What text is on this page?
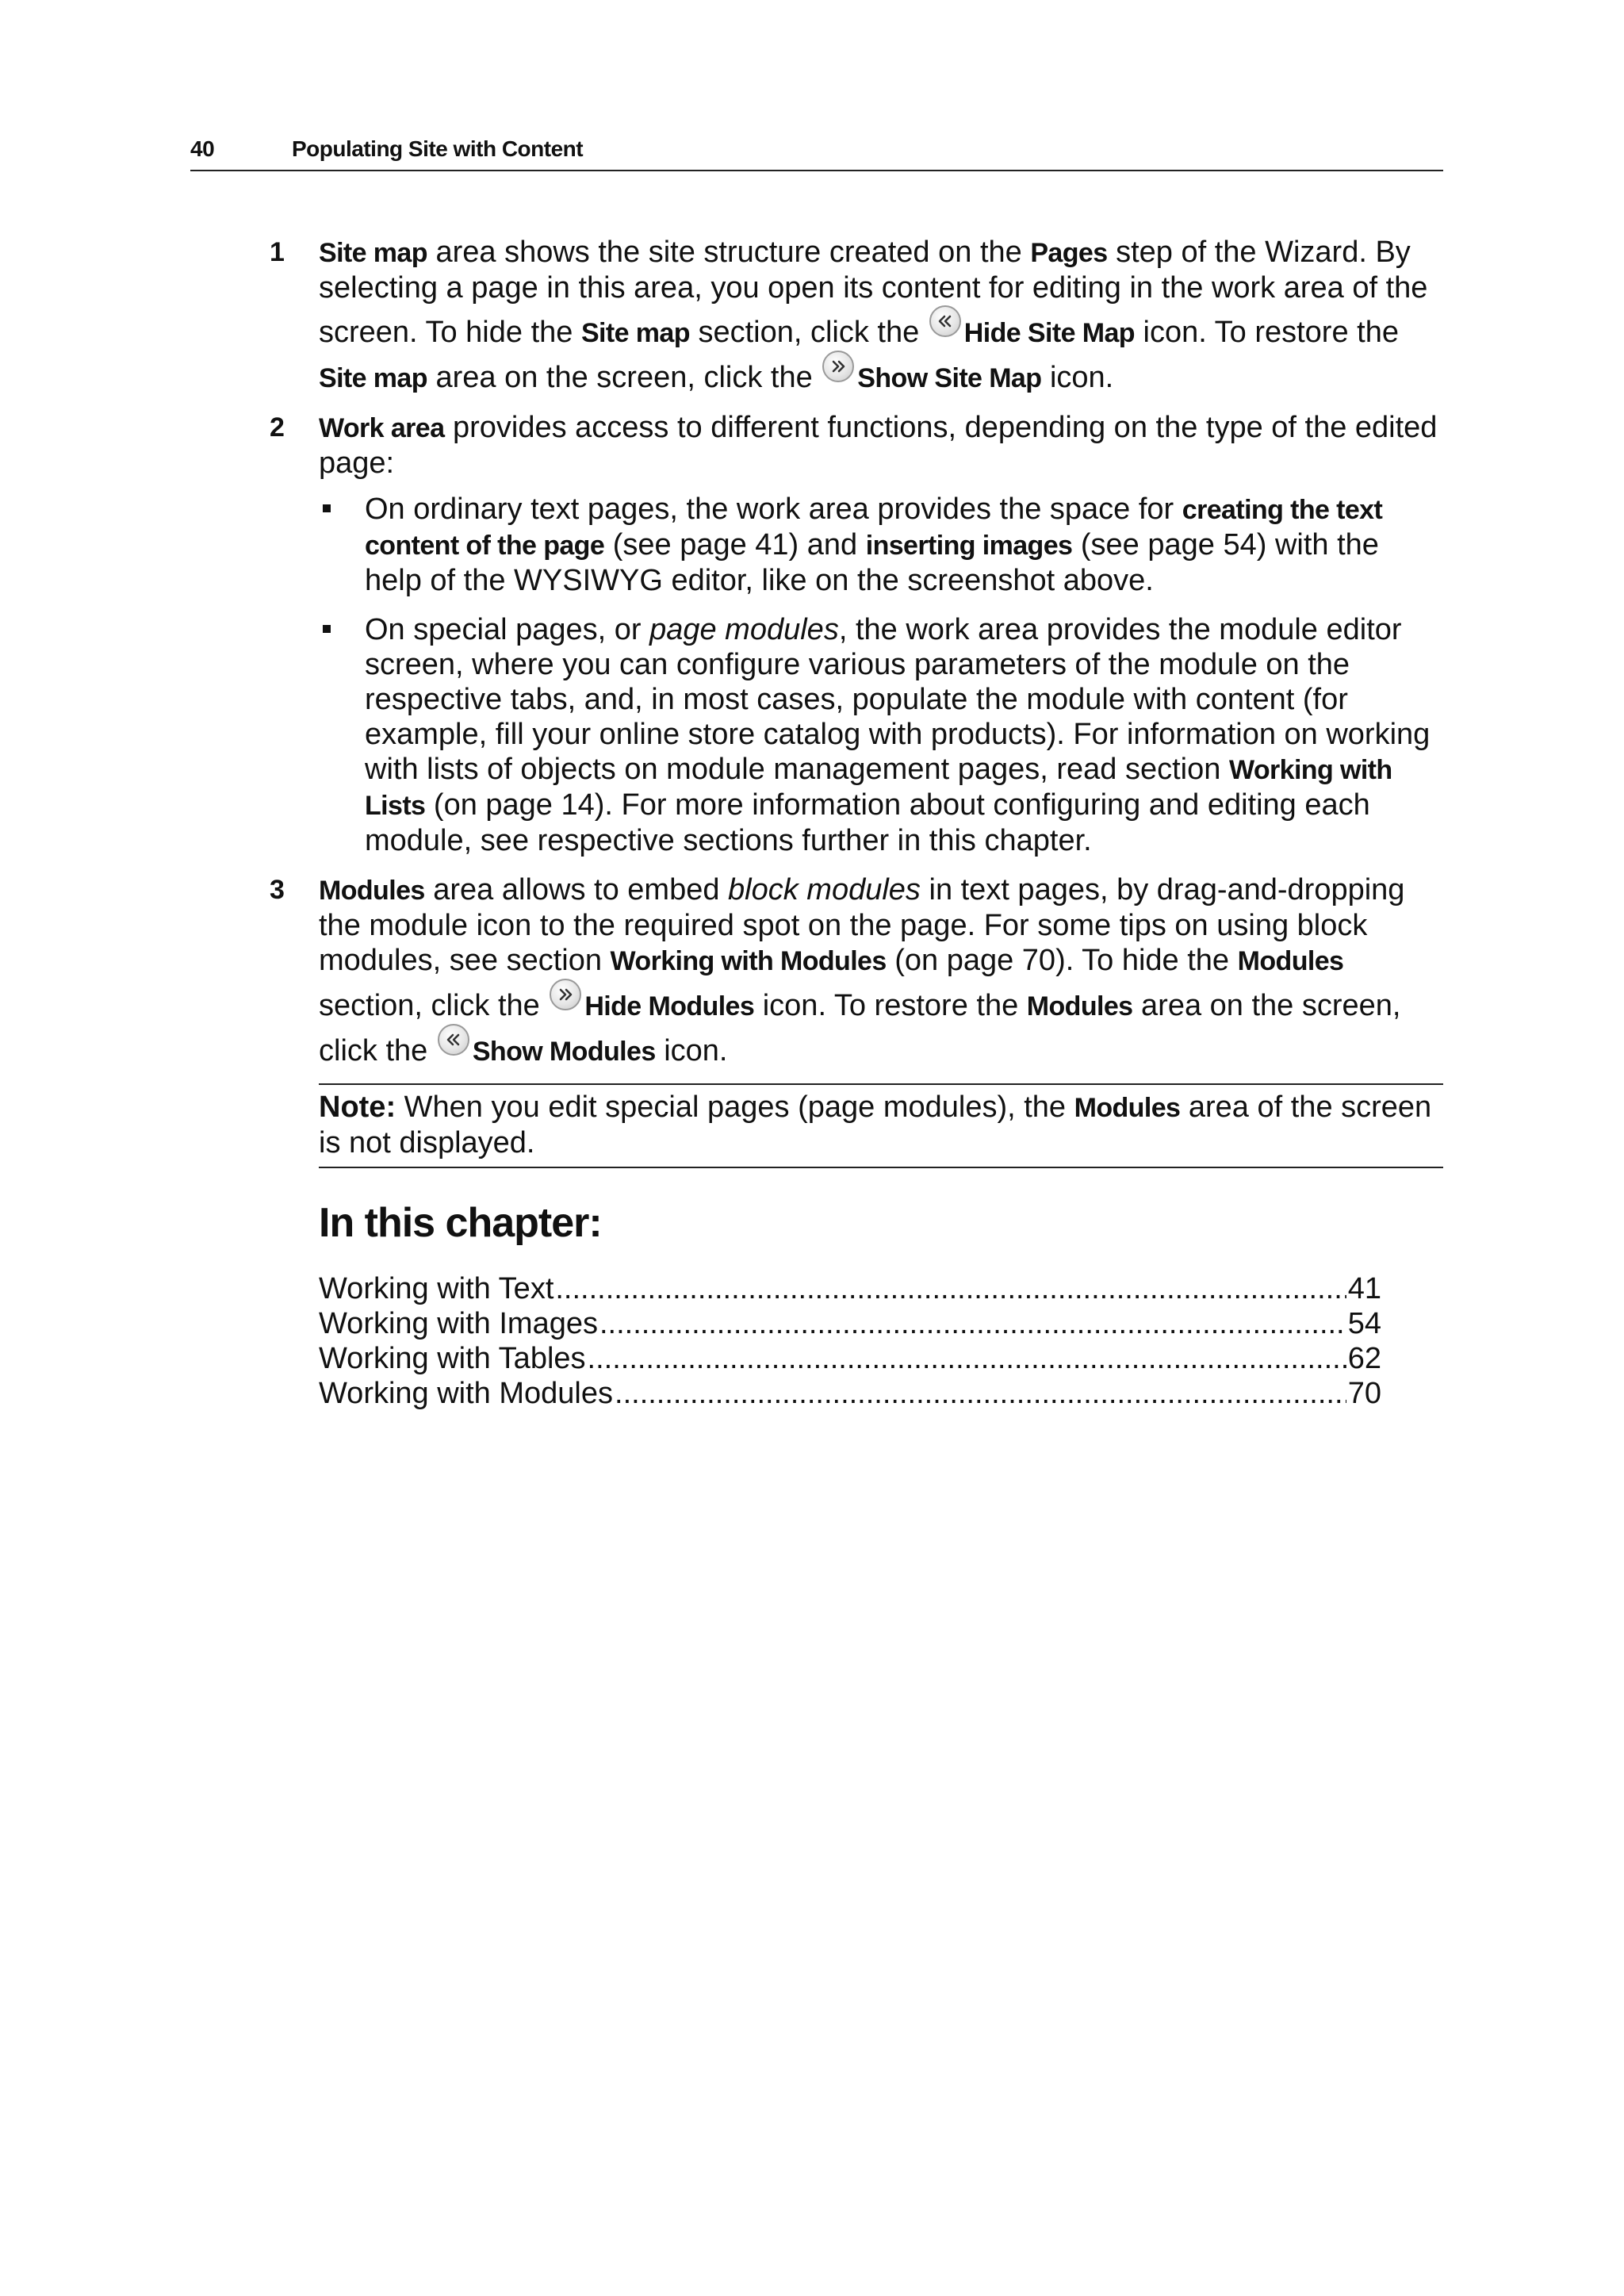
40	Populating Site with Content
1 Site map area shows the site structure created on the Pages step of the Wizard. By selecting a page in this area, you open its content for editing in the work area of the screen. To hide the Site map section, click the
Hide Site Map icon. To restore the Site map area on the screen, click the
Show Site Map icon.

2 Work area provides access to different functions, depending on the type of the edited page:

On ordinary text pages, the work area provides the space for creating the text content of the page (see page 41) and inserting images (see page 54) with the help of the WYSIWYG editor, like on the screenshot above.
On special pages, or page modules, the work area provides the module editor screen, where you can configure various parameters of the module on the respective tabs, and, in most cases, populate the module with content (for example, fill your online store catalog with products). For information on working with lists of objects on module management pages, read section Working with Lists (on page 14). For more information about configuring and editing each module, see respective sections further in this chapter.
3 Modules area allows to embed block modules in text pages, by drag-and-dropping the module icon to the required spot on the page. For some tips on using block modules, see section Working with Modules (on page 70). To hide the Modules section, click the
Hide Modules icon. To restore the Modules area on the screen, click the
Show Modules icon.

Note: When you edit special pages (page modules), the Modules area of the screen is not displayed.

In this chapter:
Working with Text .....	41
Working with Images .....	54
Working with Tables .....	62
Working with Modules .....	70
